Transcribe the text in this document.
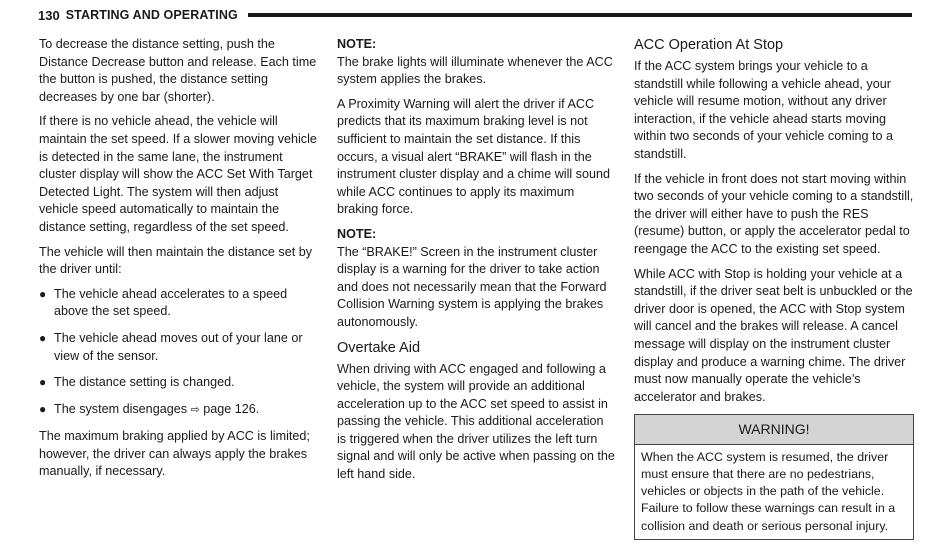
130 STARTING AND OPERATING

To decrease the distance setting, push the Distance Decrease button and release. Each time the button is pushed, the distance setting decreases by one bar (shorter).

If there is no vehicle ahead, the vehicle will maintain the set speed. If a slower moving vehicle is detected in the same lane, the instrument cluster display will show the ACC Set With Target Detected Light. The system will then adjust vehicle speed automatically to maintain the distance setting, regardless of the set speed.

The vehicle will then maintain the distance set by the driver until:

● The vehicle ahead accelerates to a speed above the set speed.
● The vehicle ahead moves out of your lane or view of the sensor.
● The distance setting is changed.
● The system disengages ⇨ page 126.

The maximum braking applied by ACC is limited; however, the driver can always apply the brakes manually, if necessary.

NOTE:

The brake lights will illuminate whenever the ACC system applies the brakes.

A Proximity Warning will alert the driver if ACC predicts that its maximum braking level is not sufficient to maintain the set distance. If this occurs, a visual alert “BRAKE” will flash in the instrument cluster display and a chime will sound while ACC continues to apply its maximum braking force.

NOTE:

The “BRAKE!” Screen in the instrument cluster display is a warning for the driver to take action and does not necessarily mean that the Forward Collision Warning system is applying the brakes autonomously.

Overtake Aid

When driving with ACC engaged and following a vehicle, the system will provide an additional acceleration up to the ACC set speed to assist in passing the vehicle. This additional acceleration is triggered when the driver utilizes the left turn signal and will only be active when passing on the left hand side.

ACC Operation At Stop

If the ACC system brings your vehicle to a standstill while following a vehicle ahead, your vehicle will resume motion, without any driver interaction, if the vehicle ahead starts moving within two seconds of your vehicle coming to a standstill.

If the vehicle in front does not start moving within two seconds of your vehicle coming to a standstill, the driver will either have to push the RES (resume) button, or apply the accelerator pedal to reengage the ACC to the existing set speed.

While ACC with Stop is holding your vehicle at a standstill, if the driver seat belt is unbuckled or the driver door is opened, the ACC with Stop system will cancel and the brakes will release. A cancel message will display on the instrument cluster display and produce a warning chime. The driver must now manually operate the vehicle’s accelerator and brakes.

WARNING!
When the ACC system is resumed, the driver must ensure that there are no pedestrians, vehicles or objects in the path of the vehicle. Failure to follow these warnings can result in a collision and death or serious personal injury.
